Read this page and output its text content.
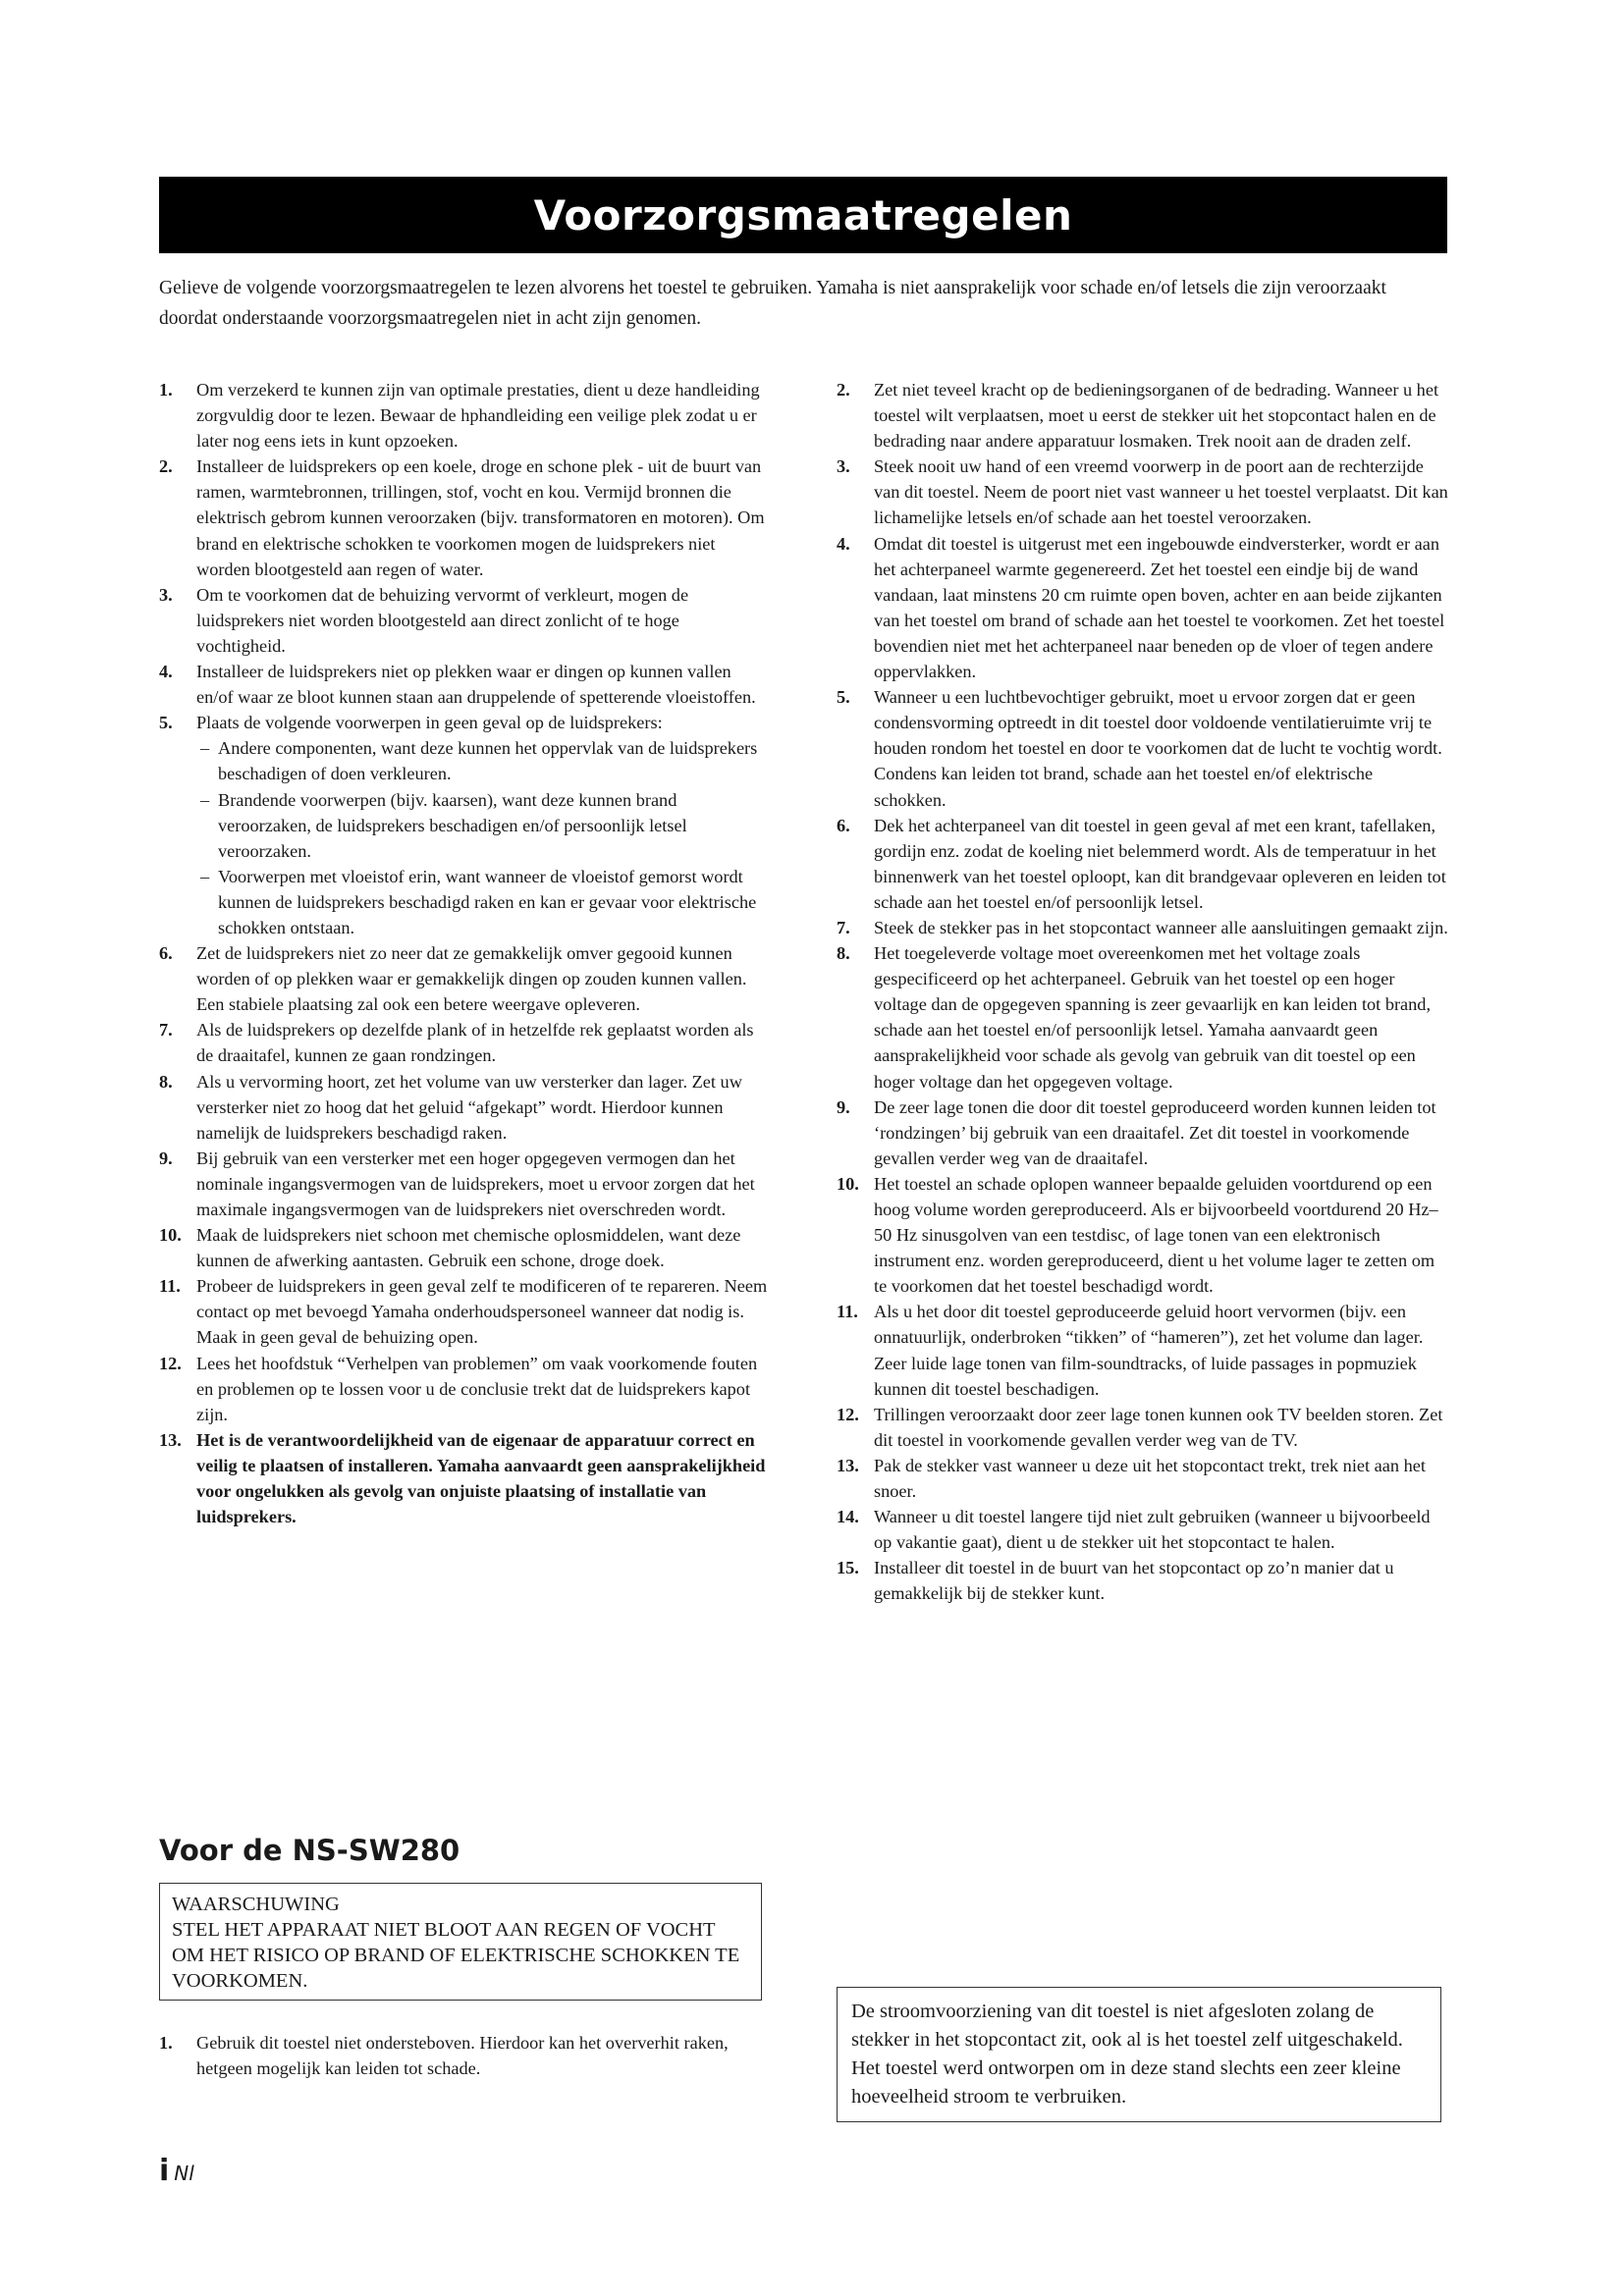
Voorzorgsmaatregelen

Gelieve de volgende voorzorgsmaatregelen te lezen alvorens het toestel te gebruiken. Yamaha is niet aansprakelijk voor schade en/of letsels die zijn veroorzaakt doordat onderstaande voorzorgsmaatregelen niet in acht zijn genomen.

1. Om verzekerd te kunnen zijn van optimale prestaties, dient u deze handleiding zorgvuldig door te lezen. Bewaar de hphandleiding een veilige plek zodat u er later nog eens iets in kunt opzoeken.
2. Installeer de luidsprekers op een koele, droge en schone plek - uit de buurt van ramen, warmtebronnen, trillingen, stof, vocht en kou. Vermijd bronnen die elektrisch gebrom kunnen veroorzaken (bijv. transformatoren en motoren). Om brand en elektrische schokken te voorkomen mogen de luidsprekers niet worden blootgesteld aan regen of water.
3. Om te voorkomen dat de behuizing vervormt of verkleurt, mogen de luidsprekers niet worden blootgesteld aan direct zonlicht of te hoge vochtigheid.
4. Installeer de luidsprekers niet op plekken waar er dingen op kunnen vallen en/of waar ze bloot kunnen staan aan druppelende of spetterende vloeistoffen.
5. Plaats de volgende voorwerpen in geen geval op de luidsprekers:
– Andere componenten, want deze kunnen het oppervlak van de luidsprekers beschadigen of doen verkleuren.
– Brandende voorwerpen (bijv. kaarsen), want deze kunnen brand veroorzaken, de luidsprekers beschadigen en/of persoonlijk letsel veroorzaken.
– Voorwerpen met vloeistof erin, want wanneer de vloeistof gemorst wordt kunnen de luidsprekers beschadigd raken en kan er gevaar voor elektrische schokken ontstaan.
6. Zet de luidsprekers niet zo neer dat ze gemakkelijk omver gegooid kunnen worden of op plekken waar er gemakkelijk dingen op zouden kunnen vallen. Een stabiele plaatsing zal ook een betere weergave opleveren.
7. Als de luidsprekers op dezelfde plank of in hetzelfde rek geplaatst worden als de draaitafel, kunnen ze gaan rondzingen.
8. Als u vervorming hoort, zet het volume van uw versterker dan lager. Zet uw versterker niet zo hoog dat het geluid “afgekapt” wordt. Hierdoor kunnen namelijk de luidsprekers beschadigd raken.
9. Bij gebruik van een versterker met een hoger opgegeven vermogen dan het nominale ingangsvermogen van de luidsprekers, moet u ervoor zorgen dat het maximale ingangsvermogen van de luidsprekers niet overschreden wordt.
10. Maak de luidsprekers niet schoon met chemische oplosmiddelen, want deze kunnen de afwerking aantasten. Gebruik een schone, droge doek.
11. Probeer de luidsprekers in geen geval zelf te modificeren of te repareren. Neem contact op met bevoegd Yamaha onderhoudspersoneel wanneer dat nodig is. Maak in geen geval de behuizing open.
12. Lees het hoofdstuk “Verhelpen van problemen” om vaak voorkomende fouten en problemen op te lossen voor u de conclusie trekt dat de luidsprekers kapot zijn.
13. Het is de verantwoordelijkheid van de eigenaar de apparatuur correct en veilig te plaatsen of installeren. Yamaha aanvaardt geen aansprakelijkheid voor ongelukken als gevolg van onjuiste plaatsing of installatie van luidsprekers.
Voor de NS-SW280
WAARSCHUWING
STEL HET APPARAAT NIET BLOOT AAN REGEN OF VOCHT OM HET RISICO OP BRAND OF ELEKTRISCHE SCHOKKEN TE VOORKOMEN.
1. Gebruik dit toestel niet ondersteboven. Hierdoor kan het oververhit raken, hetgeen mogelijk kan leiden tot schade.
2. Zet niet teveel kracht op de bedieningsorganen of de bedrading. Wanneer u het toestel wilt verplaatsen, moet u eerst de stekker uit het stopcontact halen en de bedrading naar andere apparatuur losmaken. Trek nooit aan de draden zelf.
3. Steek nooit uw hand of een vreemd voorwerp in de poort aan de rechterzijde van dit toestel. Neem de poort niet vast wanneer u het toestel verplaatst. Dit kan lichamelijke letsels en/of schade aan het toestel veroorzaken.
4. Omdat dit toestel is uitgerust met een ingebouwde eindversterker, wordt er aan het achterpaneel warmte gegenereerd. Zet het toestel een eindje bij de wand vandaan, laat minstens 20 cm ruimte open boven, achter en aan beide zijkanten van het toestel om brand of schade aan het toestel te voorkomen. Zet het toestel bovendien niet met het achterpaneel naar beneden op de vloer of tegen andere oppervlakken.
5. Wanneer u een luchtbevochtiger gebruikt, moet u ervoor zorgen dat er geen condensvorming optreedt in dit toestel door voldoende ventilatieruimte vrij te houden rondom het toestel en door te voorkomen dat de lucht te vochtig wordt. Condens kan leiden tot brand, schade aan het toestel en/of elektrische schokken.
6. Dek het achterpaneel van dit toestel in geen geval af met een krant, tafellaken, gordijn enz. zodat de koeling niet belemmerd wordt. Als de temperatuur in het binnenwerk van het toestel oploopt, kan dit brandgevaar opleveren en leiden tot schade aan het toestel en/of persoonlijk letsel.
7. Steek de stekker pas in het stopcontact wanneer alle aansluitingen gemaakt zijn.
8. Het toegeleverde voltage moet overeenkomen met het voltage zoals gespecificeerd op het achterpaneel. Gebruik van het toestel op een hoger voltage dan de opgegeven spanning is zeer gevaarlijk en kan leiden tot brand, schade aan het toestel en/of persoonlijk letsel. Yamaha aanvaardt geen aansprakelijkheid voor schade als gevolg van gebruik van dit toestel op een hoger voltage dan het opgegeven voltage.
9. De zeer lage tonen die door dit toestel geproduceerd worden kunnen leiden tot ‘rondzingen’ bij gebruik van een draaitafel. Zet dit toestel in voorkomende gevallen verder weg van de draaitafel.
10. Het toestel an schade oplopen wanneer bepaalde geluiden voortdurend op een hoog volume worden gereproduceerd. Als er bijvoorbeeld voortdurend 20 Hz–50 Hz sinusgolven van een testdisc, of lage tonen van een elektronisch instrument enz. worden gereproduceerd, dient u het volume lager te zetten om te voorkomen dat het toestel beschadigd wordt.
11. Als u het door dit toestel geproduceerde geluid hoort vervormen (bijv. een onnatuurlijk, onderbroken “tikken” of “hameren”), zet het volume dan lager. Zeer luide lage tonen van film-soundtracks, of luide passages in popmuziek kunnen dit toestel beschadigen.
12. Trillingen veroorzaakt door zeer lage tonen kunnen ook TV beelden storen. Zet dit toestel in voorkomende gevallen verder weg van de TV.
13. Pak de stekker vast wanneer u deze uit het stopcontact trekt, trek niet aan het snoer.
14. Wanneer u dit toestel langere tijd niet zult gebruiken (wanneer u bijvoorbeeld op vakantie gaat), dient u de stekker uit het stopcontact te halen.
15. Installeer dit toestel in de buurt van het stopcontact op zo’n manier dat u gemakkelijk bij de stekker kunt.
De stroomvoorziening van dit toestel is niet afgesloten zolang de stekker in het stopcontact zit, ook al is het toestel zelf uitgeschakeld. Het toestel werd ontworpen om in deze stand slechts een zeer kleine hoeveelheid stroom te verbruiken.
i Nl
